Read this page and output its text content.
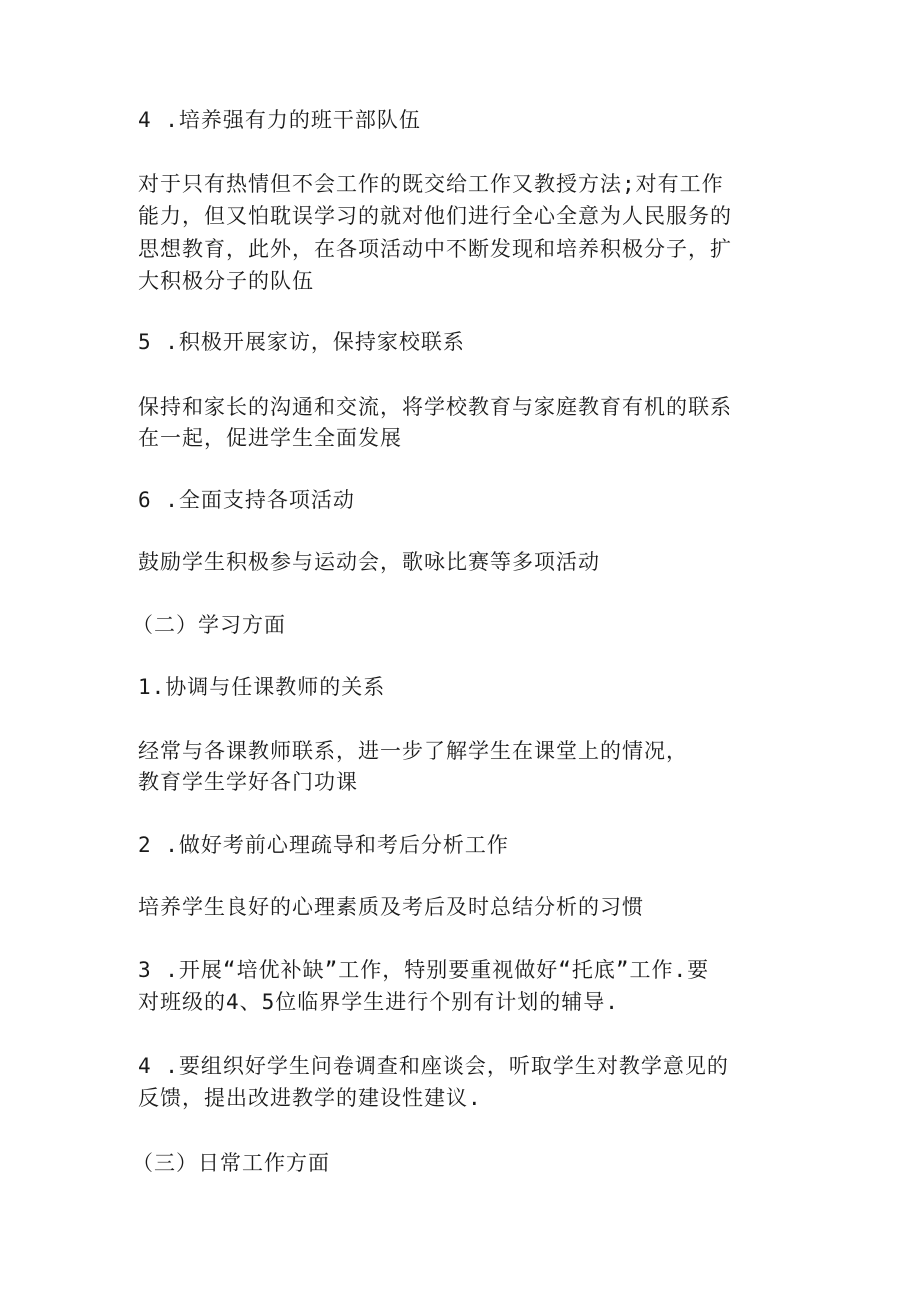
4 .培养强有力的班干部队伍
对于只有热情但不会工作的既交给工作又教授方法;对有工作
能力，但又怕耽误学习的就对他们进行全心全意为人民服务的
思想教育，此外，在各项活动中不断发现和培养积极分子，扩
大积极分子的队伍
5 .积极开展家访，保持家校联系
保持和家长的沟通和交流，将学校教育与家庭教育有机的联系
在一起，促进学生全面发展
6 .全面支持各项活动
鼓励学生积极参与运动会，歌咏比赛等多项活动
（二）学习方面
1.协调与任课教师的关系
经常与各课教师联系，进一步了解学生在课堂上的情况，
教育学生学好各门功课
2 .做好考前心理疏导和考后分析工作
培养学生良好的心理素质及考后及时总结分析的习惯
3 .开展“培优补缺”工作，特别要重视做好“托底”工作.要
对班级的4、5位临界学生进行个别有计划的辅导.
4 .要组织好学生问卷调查和座谈会，听取学生对教学意见的
反馈，提出改进教学的建设性建议.
（三）日常工作方面
